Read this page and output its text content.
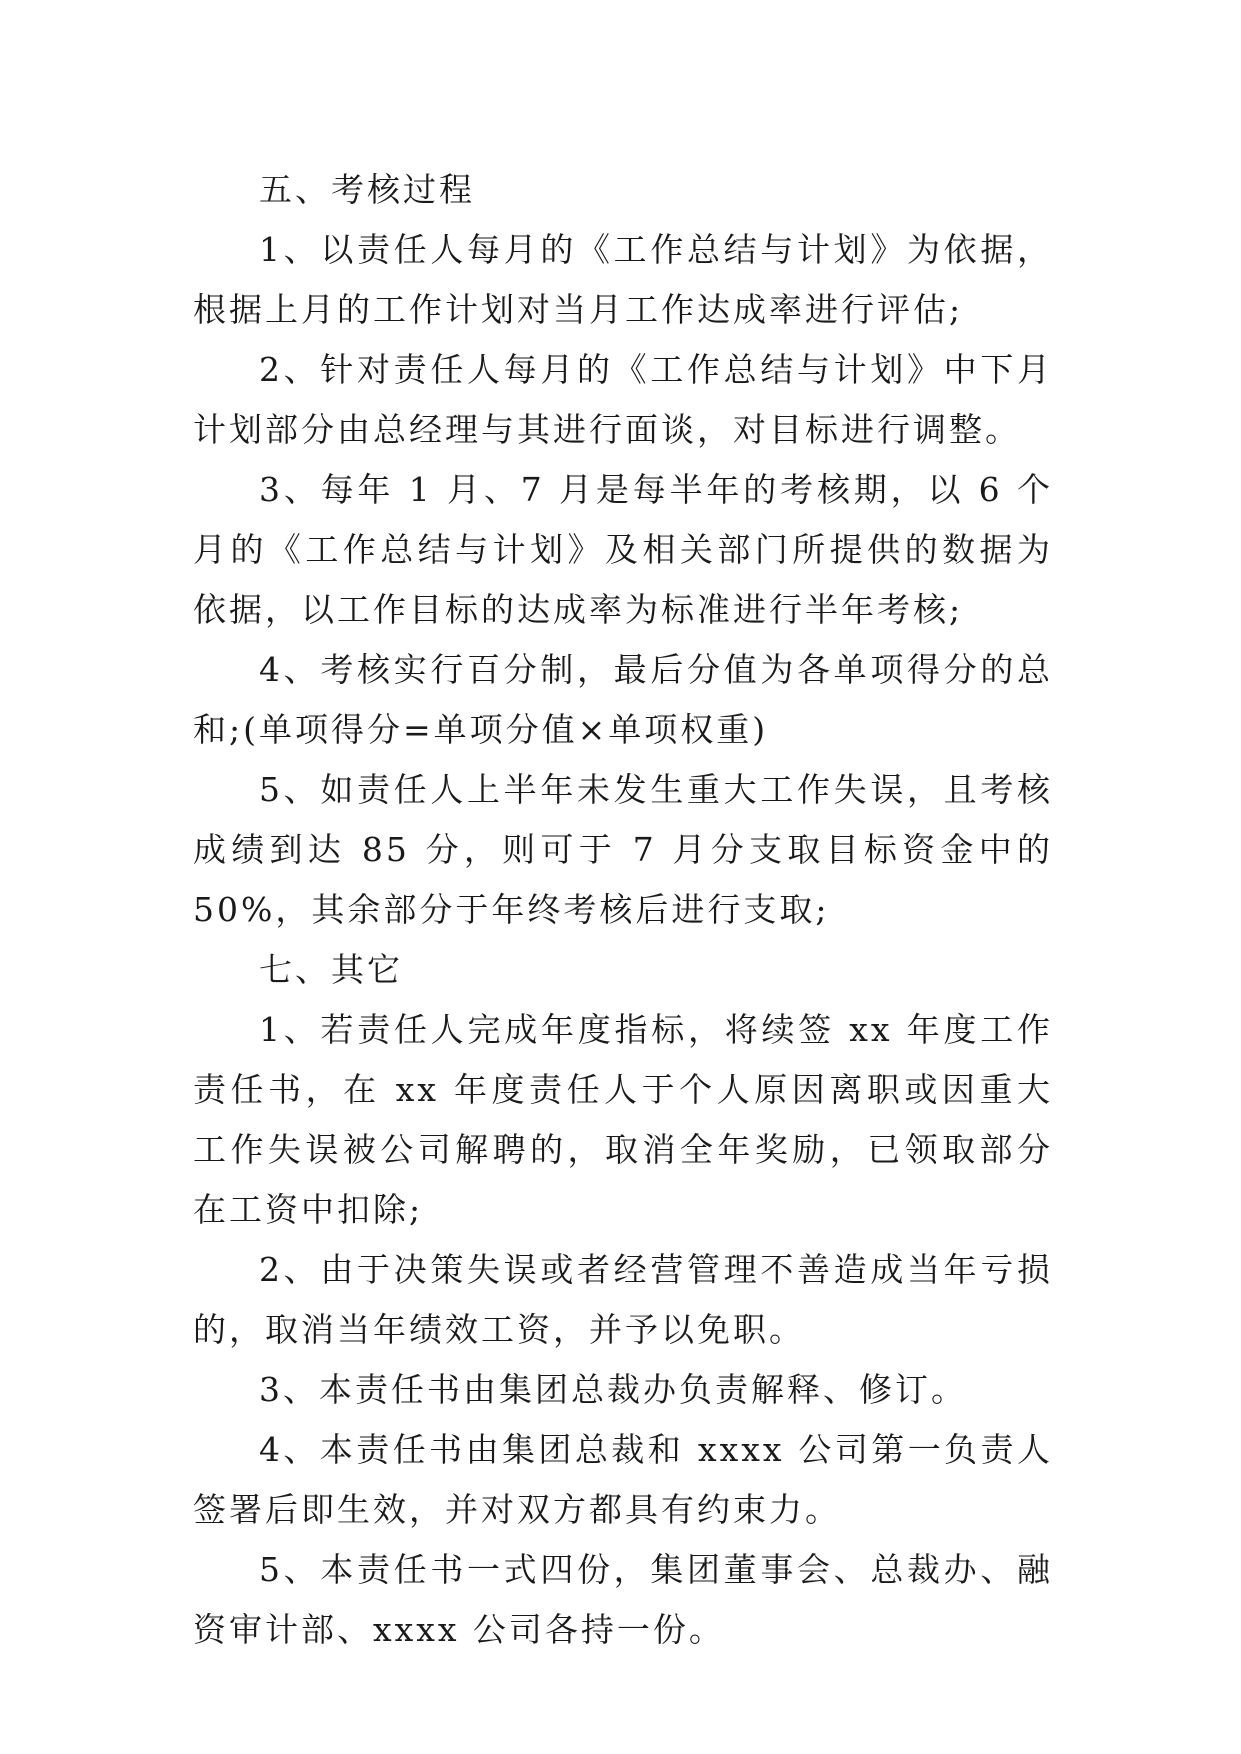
五、考核过程

1、以责任人每月的《工作总结与计划》为依据，根据上月的工作计划对当月工作达成率进行评估;

2、针对责任人每月的《工作总结与计划》中下月计划部分由总经理与其进行面谈，对目标进行调整。

3、每年 1 月、7 月是每半年的考核期，以 6 个月的《工作总结与计划》及相关部门所提供的数据为依据，以工作目标的达成率为标准进行半年考核;

4、考核实行百分制，最后分值为各单项得分的总和;(单项得分=单项分值×单项权重)

5、如责任人上半年未发生重大工作失误，且考核成绩到达 85 分，则可于 7 月分支取目标资金中的 50%，其余部分于年终考核后进行支取;

七、其它

1、若责任人完成年度指标，将续签 xx 年度工作责任书，在 xx 年度责任人于个人原因离职或因重大工作失误被公司解聘的，取消全年奖励，已领取部分在工资中扣除;

2、由于决策失误或者经营管理不善造成当年亏损的，取消当年绩效工资，并予以免职。

3、本责任书由集团总裁办负责解释、修订。

4、本责任书由集团总裁和 xxxx 公司第一负责人签署后即生效，并对双方都具有约束力。

5、本责任书一式四份，集团董事会、总裁办、融资审计部、xxxx 公司各持一份。
